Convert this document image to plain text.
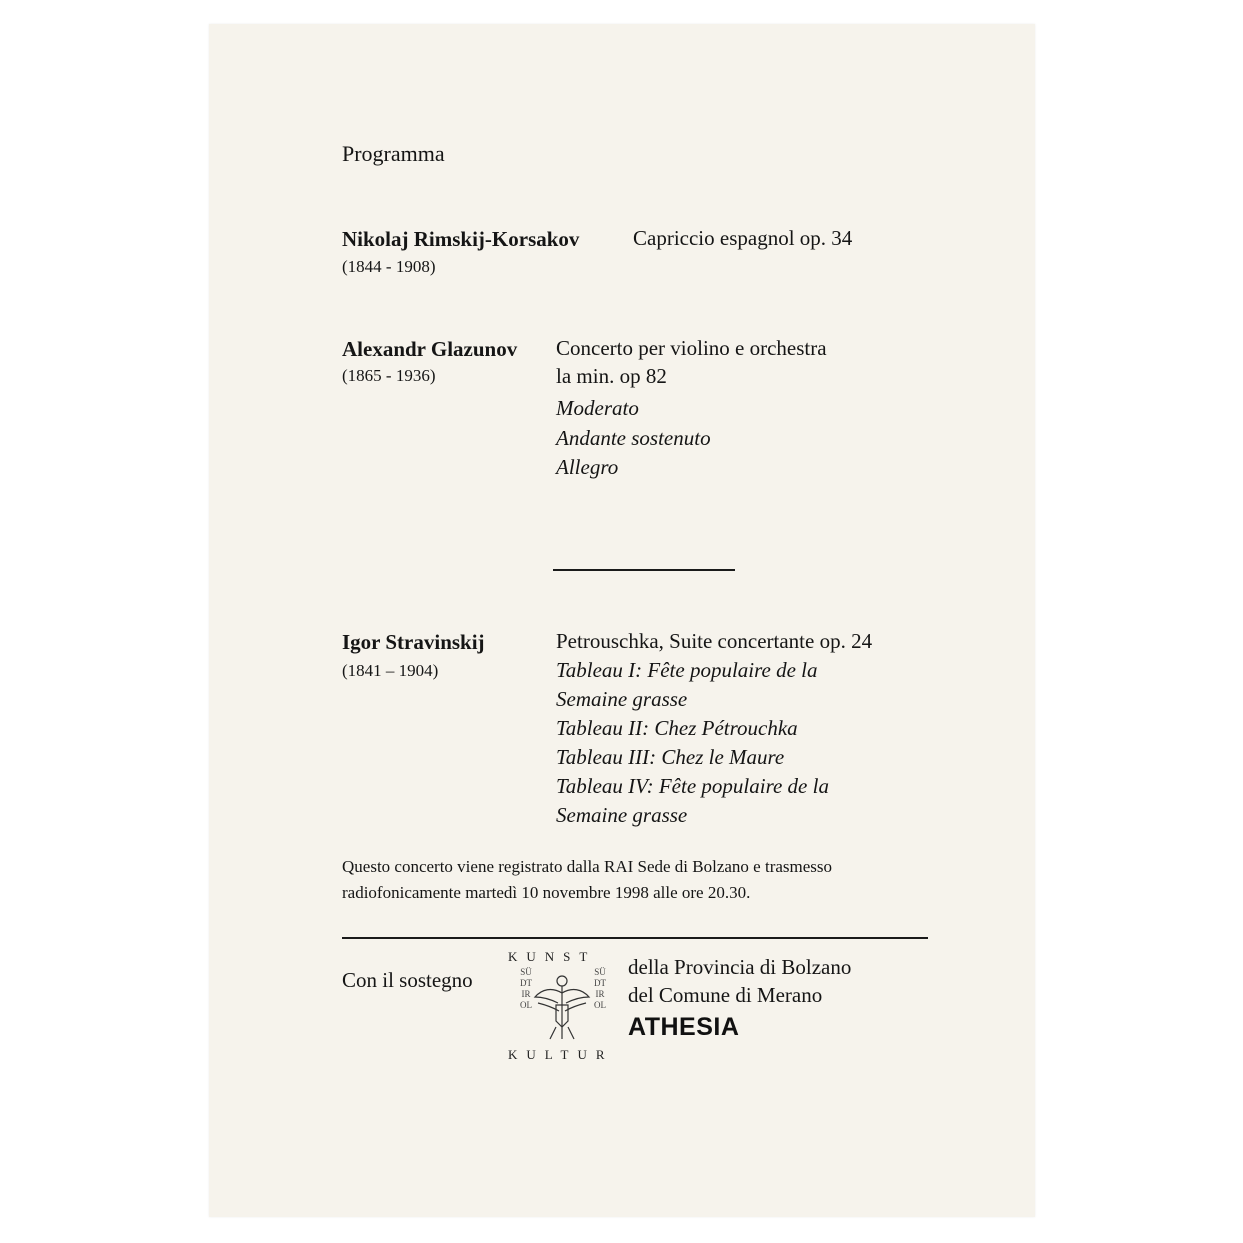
Programma
Nikolaj Rimskij-Korsakov
(1844 - 1908)
Capriccio espagnol op. 34
Alexandr Glazunov
(1865 - 1936)
Concerto per violino e orchestra
la min. op 82
Moderato
Andante sostenuto
Allegro
Igor Stravinskij
(1841 – 1904)
Petrouschka, Suite concertante op. 24
Tableau I: Fête populaire de la
Semaine grasse
Tableau II: Chez Pétrouchka
Tableau III: Chez le Maure
Tableau IV: Fête populaire de la
Semaine grasse
Questo concerto viene registrato dalla RAI Sede di Bolzano e trasmesso
radiofonicamente martedì 10 novembre 1998 alle ore 20.30.
Con il sostegno
KUNST
KULTUR
SÜDTIROL
SÜDTIROL
della Provincia di Bolzano
del Comune di Merano
ATHESIA
